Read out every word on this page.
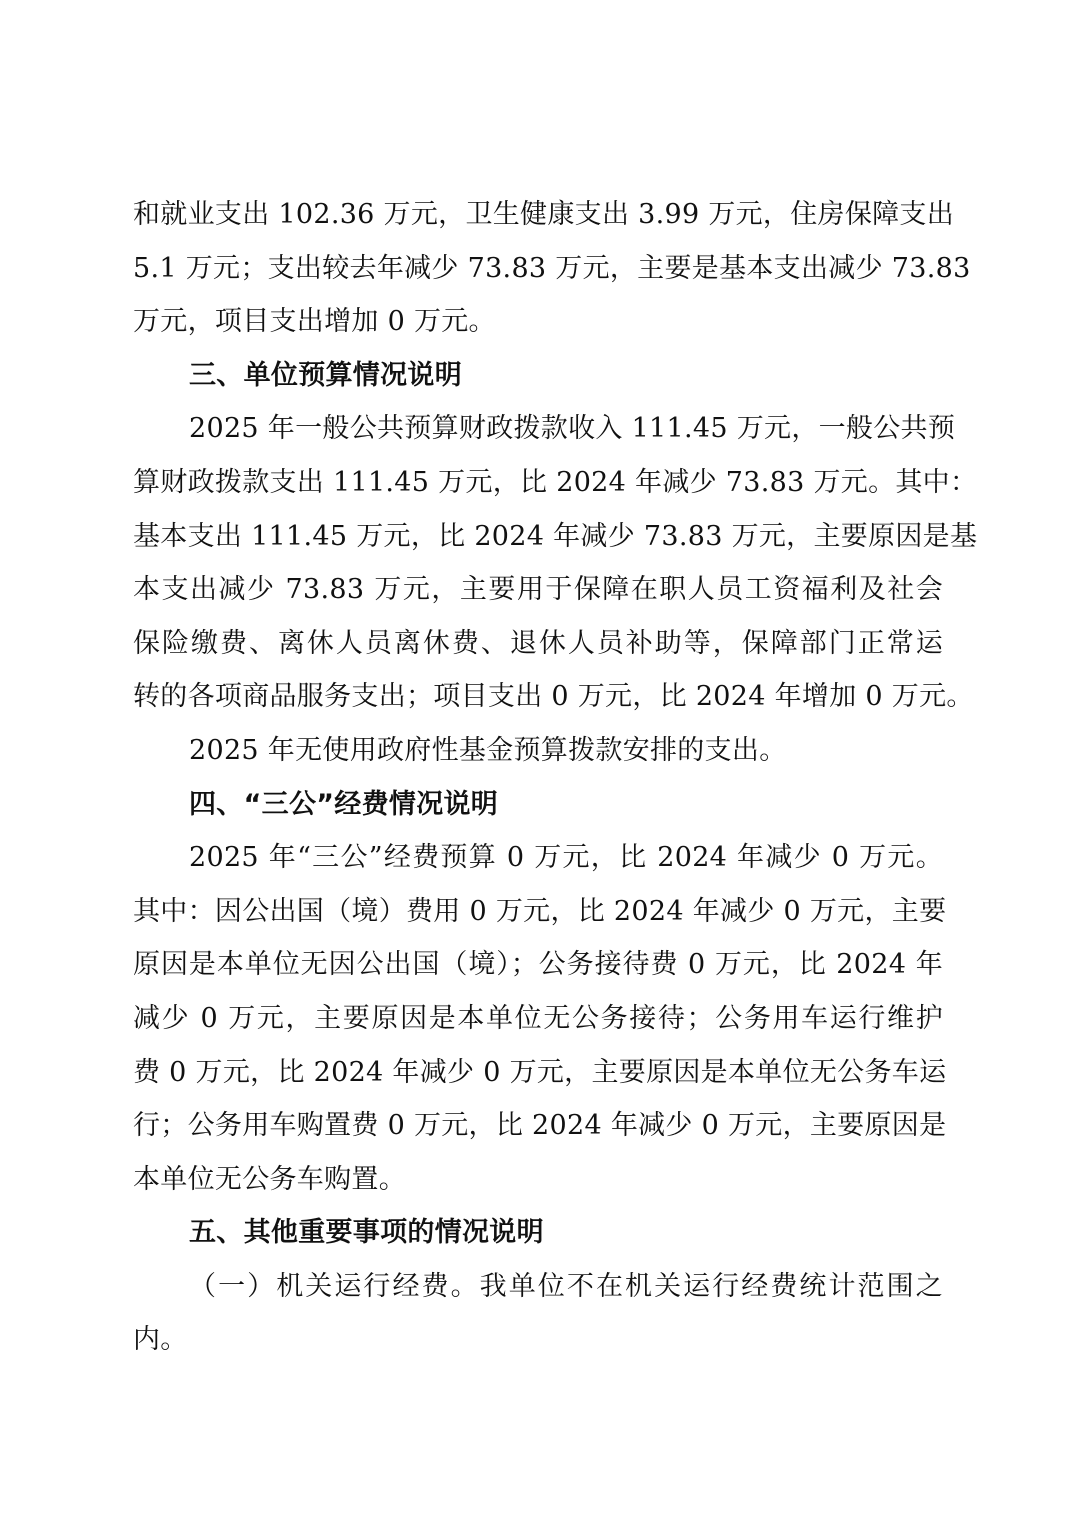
和就业支出 102.36 万元，卫生健康支出 3.99 万元，住房保障支出
5.1 万元；支出较去年减少 73.83 万元，主要是基本支出减少 73.83
万元，项目支出增加 0 万元。
三、单位预算情况说明
2025 年一般公共预算财政拨款收入 111.45 万元，一般公共预
算财政拨款支出 111.45 万元，比 2024 年减少 73.83 万元。其中：
基本支出 111.45 万元，比 2024 年减少 73.83 万元，主要原因是基
本支出减少 73.83 万元，主要用于保障在职人员工资福利及社会
保险缴费、离休人员离休费、退休人员补助等，保障部门正常运
转的各项商品服务支出；项目支出 0 万元，比 2024 年增加 0 万元。
2025 年无使用政府性基金预算拨款安排的支出。
四、“三公”经费情况说明
2025 年“三公”经费预算 0 万元，比 2024 年减少 0 万元。
其中：因公出国（境）费用 0 万元，比 2024 年减少 0 万元，主要
原因是本单位无因公出国（境）；公务接待费 0 万元，比 2024 年
减少 0 万元，主要原因是本单位无公务接待；公务用车运行维护
费 0 万元，比 2024 年减少 0 万元，主要原因是本单位无公务车运
行；公务用车购置费 0 万元，比 2024 年减少 0 万元，主要原因是
本单位无公务车购置。
五、其他重要事项的情况说明
（一）机关运行经费。我单位不在机关运行经费统计范围之
内。
